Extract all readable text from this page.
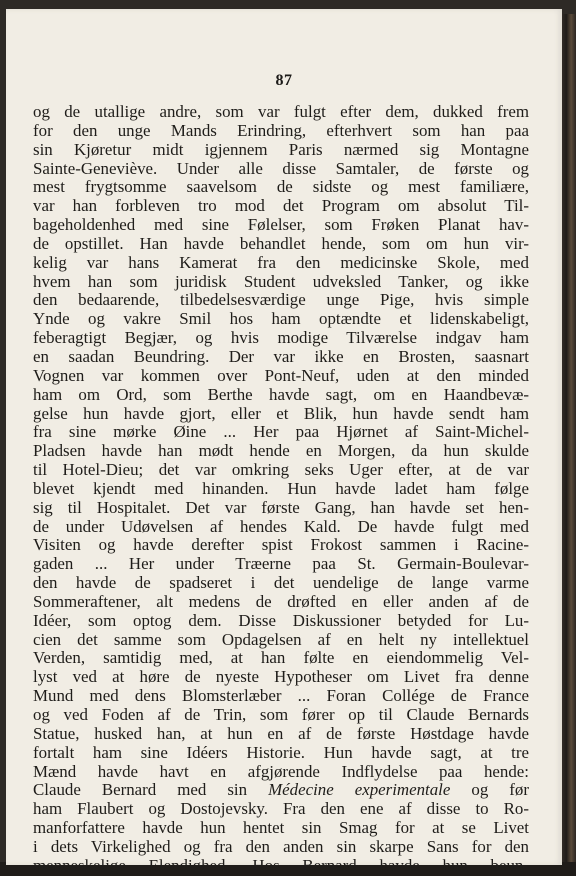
87
og de utallige andre, som var fulgt efter dem, dukked frem
for den unge Mands Erindring, efterhvert som han paa
sin Kjøretur midt igjennem Paris nærmed sig Montagne
Sainte-Geneviève. Under alle disse Samtaler, de første og
mest frygtsomme saavelsom de sidste og mest familiære,
var han forbleven tro mod det Program om absolut Til-
bageholdenhed med sine Følelser, som Frøken Planat hav-
de opstillet. Han havde behandlet hende, som om hun vir-
kelig var hans Kamerat fra den medicinske Skole, med
hvem han som juridisk Student udveksled Tanker, og ikke
den bedaarende, tilbedelsesværdige unge Pige, hvis simple
Ynde og vakre Smil hos ham optændte et lidenskabeligt,
feberagtigt Begjær, og hvis modige Tilværelse indgav ham
en saadan Beundring. Der var ikke en Brosten, saasnart
Vognen var kommen over Pont-Neuf, uden at den minded
ham om Ord, som Berthe havde sagt, om en Haandbevæ-
gelse hun havde gjort, eller et Blik, hun havde sendt ham
fra sine mørke Øine ... Her paa Hjørnet af Saint-Michel-
Pladsen havde han mødt hende en Morgen, da hun skulde
til Hotel-Dieu; det var omkring seks Uger efter, at de var
blevet kjendt med hinanden. Hun havde ladet ham følge
sig til Hospitalet. Det var første Gang, han havde set hen-
de under Udøvelsen af hendes Kald. De havde fulgt med
Visiten og havde derefter spist Frokost sammen i Racine-
gaden ... Her under Træerne paa St. Germain-Boulevar-
den havde de spadseret i det uendelige de lange varme
Sommeraftener, alt medens de drøfted en eller anden af de
Idéer, som optog dem. Disse Diskussioner betyded for Lu-
cien det samme som Opdagelsen af en helt ny intellektuel
Verden, samtidig med, at han følte en eiendommelig Vel-
lyst ved at høre de nyeste Hypotheser om Livet fra denne
Mund med dens Blomsterlæber ... Foran Collége de France
og ved Foden af de Trin, som fører op til Claude Bernards
Statue, husked han, at hun en af de første Høstdage havde
fortalt ham sine Idéers Historie. Hun havde sagt, at tre
Mænd havde havt en afgjørende Indflydelse paa hende:
Claude Bernard med sin Médecine experimentale og før
ham Flaubert og Dostojevsky. Fra den ene af disse to Ro-
manforfattere havde hun hentet sin Smag for at se Livet
i dets Virkelighed og fra den anden sin skarpe Sans for den
menneskelige Elendighed. Hos Bernard havde hun beun-
